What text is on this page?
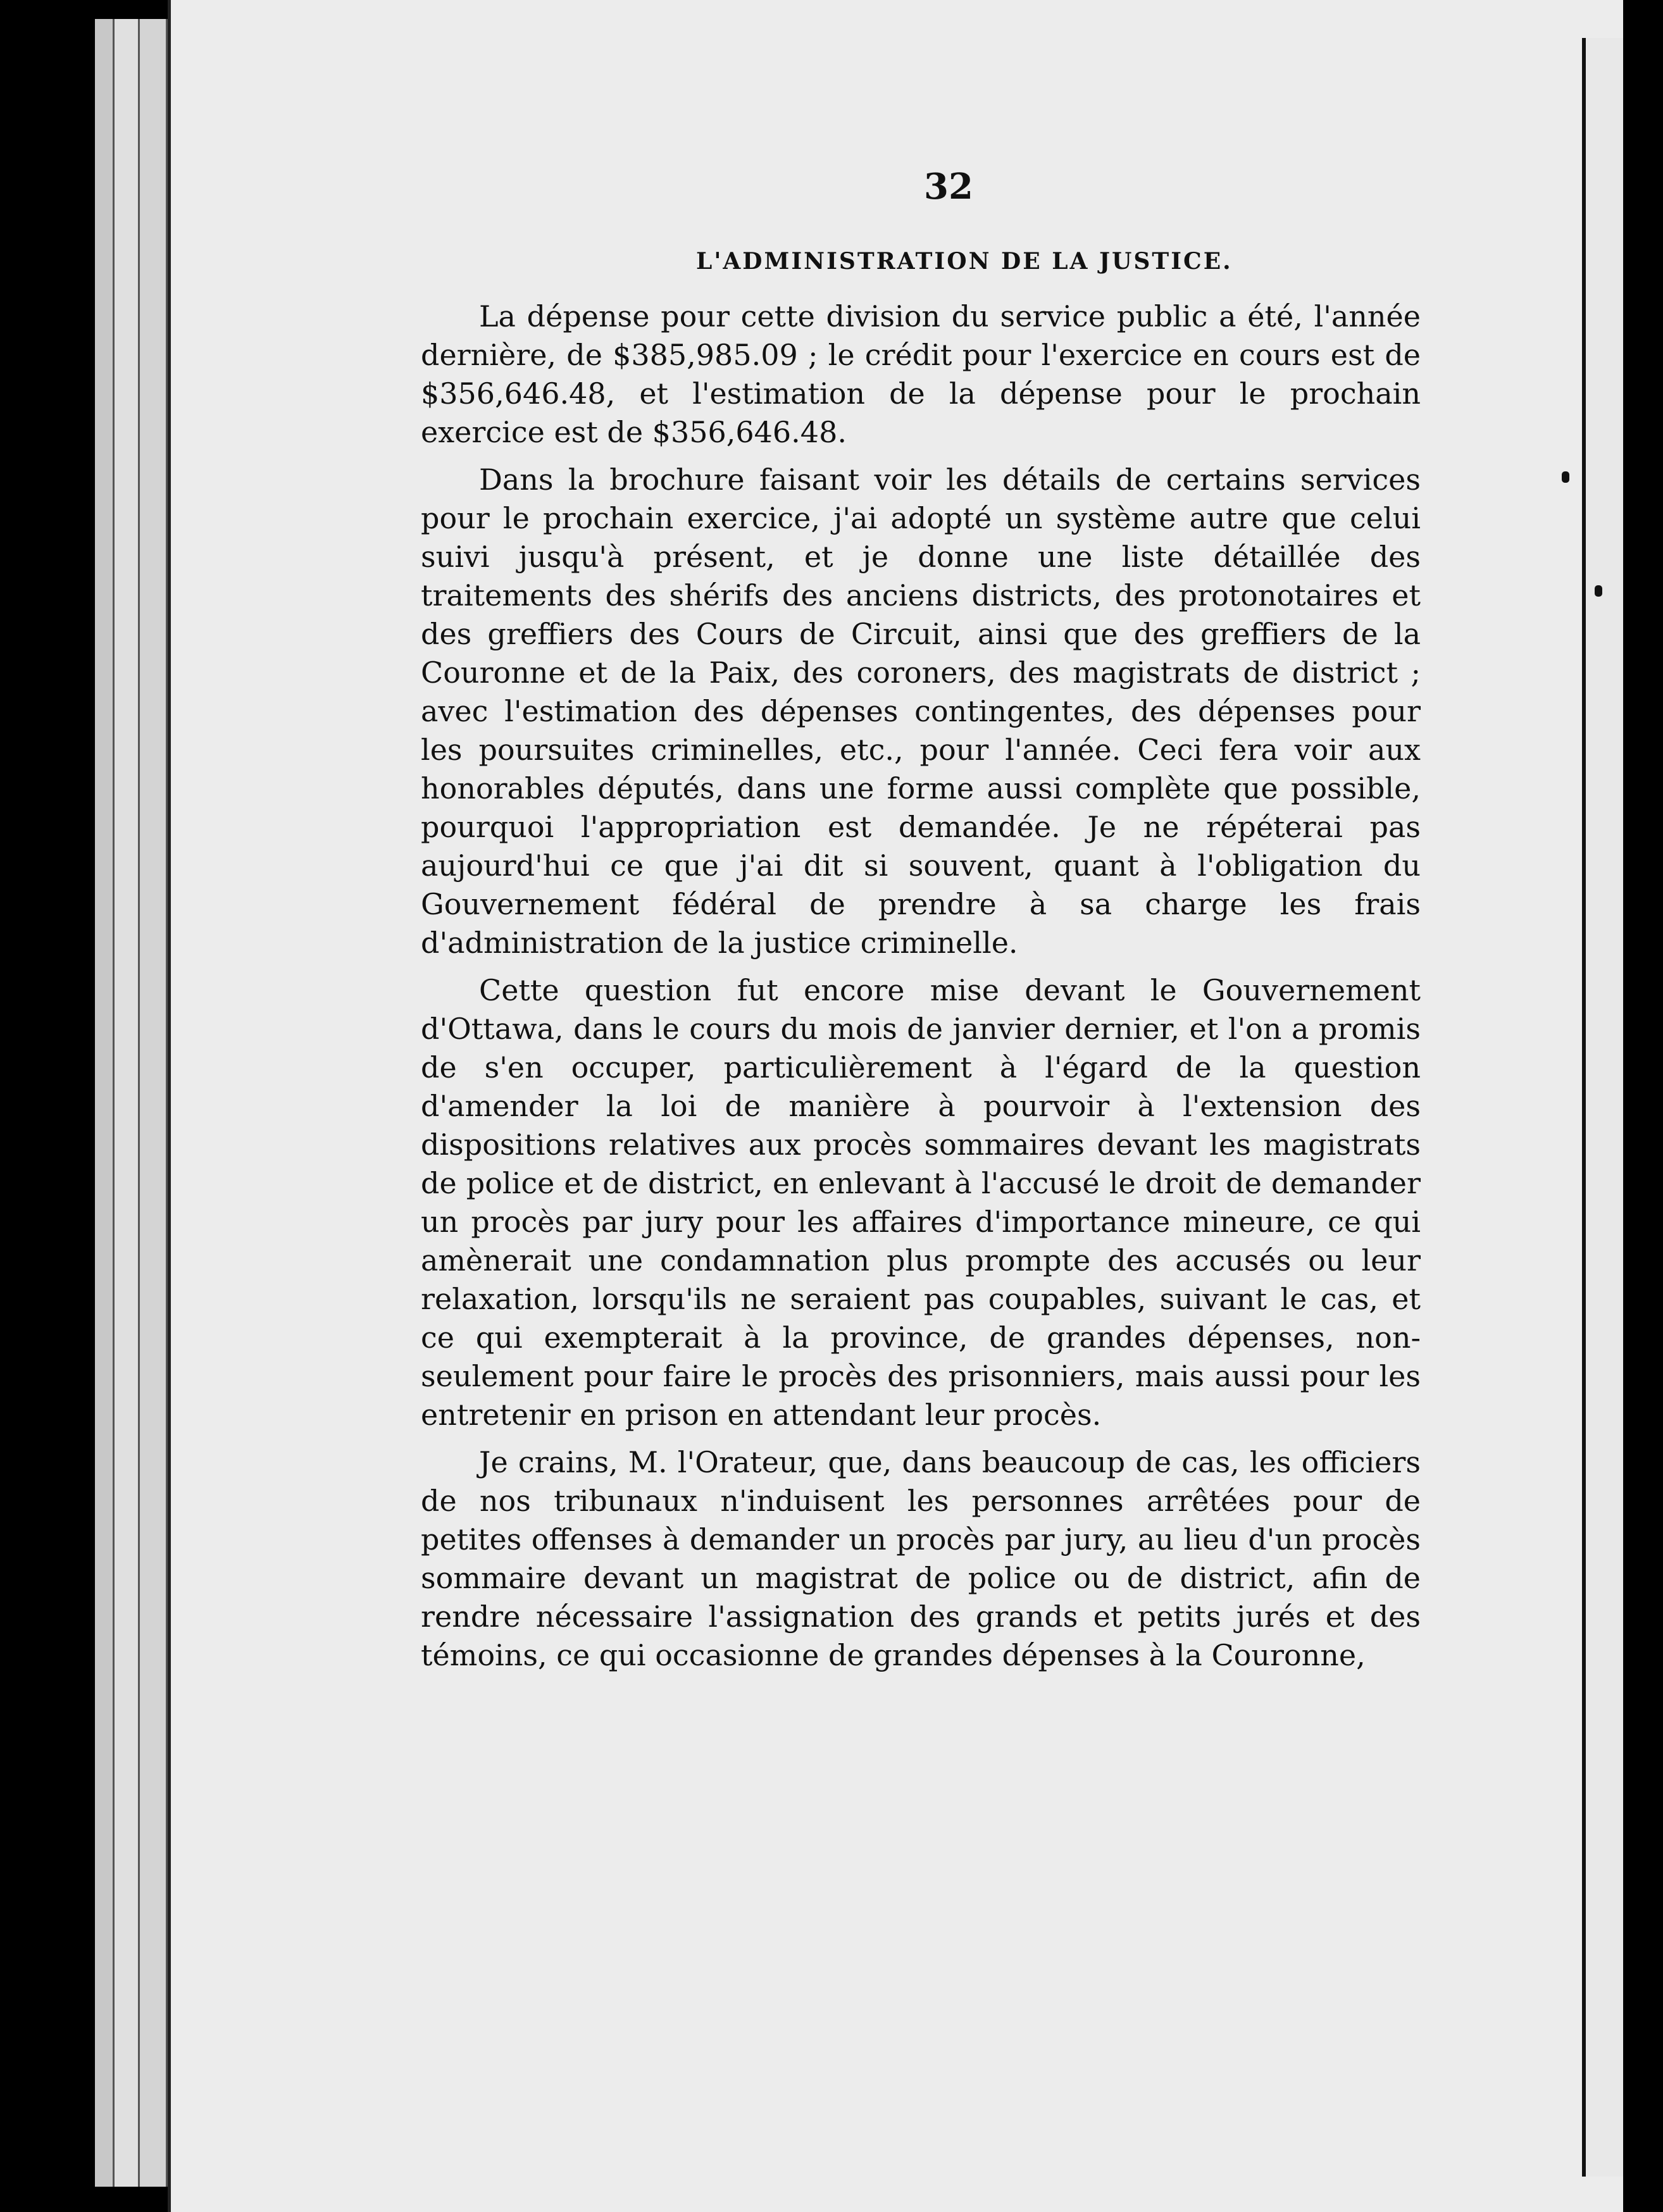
32
L'ADMINISTRATION DE LA JUSTICE.

La dépense pour cette division du service public a été, l'année dernière, de $385,985.09 ; le crédit pour l'exercice en cours est de $356,646.48, et l'estimation de la dépense pour le prochain exercice est de $356,646.48.

Dans la brochure faisant voir les détails de certains services pour le prochain exercice, j'ai adopté un système autre que celui suivi jusqu'à présent, et je donne une liste détaillée des traitements des shérifs des anciens districts, des protonotaires et des greffiers des Cours de Circuit, ainsi que des greffiers de la Couronne et de la Paix, des coroners, des magistrats de district ; avec l'estimation des dépenses contingentes, des dépenses pour les poursuites criminelles, etc., pour l'année. Ceci fera voir aux honorables députés, dans une forme aussi complète que possible, pourquoi l'appropriation est demandée. Je ne répéterai pas aujourd'hui ce que j'ai dit si souvent, quant à l'obligation du Gouvernement fédéral de prendre à sa charge les frais d'administration de la justice criminelle.

Cette question fut encore mise devant le Gouvernement d'Ottawa, dans le cours du mois de janvier dernier, et l'on a promis de s'en occuper, particulièrement à l'égard de la question d'amender la loi de manière à pourvoir à l'extension des dispositions relatives aux procès sommaires devant les magistrats de police et de district, en enlevant à l'accusé le droit de demander un procès par jury pour les affaires d'importance mineure, ce qui amènerait une condamnation plus prompte des accusés ou leur relaxation, lorsqu'ils ne seraient pas coupables, suivant le cas, et ce qui exempterait à la province, de grandes dépenses, non-seulement pour faire le procès des prisonniers, mais aussi pour les entretenir en prison en attendant leur procès.

Je crains, M. l'Orateur, que, dans beaucoup de cas, les officiers de nos tribunaux n'induisent les personnes arrêtées pour de petites offenses à demander un procès par jury, au lieu d'un procès sommaire devant un magistrat de police ou de district, afin de rendre nécessaire l'assignation des grands et petits jurés et des témoins, ce qui occasionne de grandes dépenses à la Couronne,
